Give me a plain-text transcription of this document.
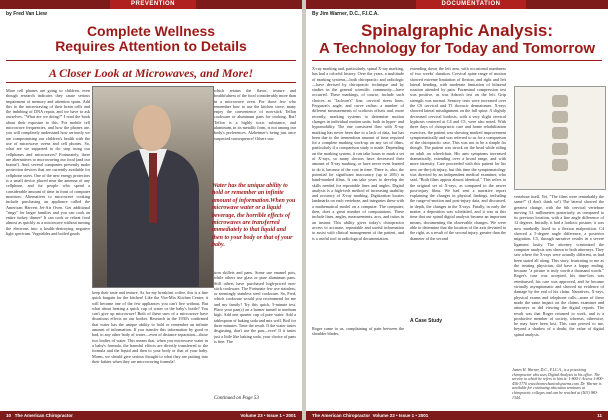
PREVENTION
by Fred Van Liew
Complete Wellness
Requires Attention to Details
A Closer Look at Microwaves, and More!
More cell phones are going to children, even though research indicates they cause serious impairment of memory and attention spans. Add this to the microwaving of their brain cells and the imbibing of DNA repair, and we have to ask ourselves, "What are we doing?" I read the book about their exposure to this. For mobile cell microwave frequencies, and how the phones are, you will completely understand how seriously we are compromising our children's health with the use of microwave ovens and cell phones. So, what are we supposed to do: stop using our cellphones and microwaves? Fortunately, there are alternatives to microwaving our food (and our brains!). And, several companies presently make protection devices that are currently available for cellphone users. One of the new energy protectors is a small device placed near the antenna of any cellphone, and for people who spend a considerable amount of time in front of computer monitors. Alternatives to microwave cooking include purchasing an appliance called the American Harvest Jet-Air Oven. Get additional "rings" for larger families and you can cook an entire turkey dinner! It can cook or reheat food almost as quickly as a microwave without turning the electrons into a health-destroying negative light spectrum. Vegetables and boiled goods
keep their taste and texture. As for my breakfast coffee, this is a fine quick bargain for the kitchen! Like the Vita-Mix Kitchen Center, it will become one of the few appliances you can't live without. But what about heating a quick cup of water or the baby's bottle? You can't give up microwave! Both of these uses of a microwave have disastrous effects on our bodies. Research in the 1930's confirmed that water has the unique ability to hold or remember an infinite amount of information. If you transfer this information by good or bad, to any other body of water—even of distance separation—those two bodies of water. This means that, when you microwave water in a baby's formula, the harmful effects are directly transferred to the formula and the liquid and then to your body or that of your baby. Moms, we should give serious thought to what they are putting into their babies when they are microwaving formula!
which retains the flavor, texture and healthfulness of the food considerably more than in a microwave oven. For those few who remember how to use the kitchen stove, many enjoy the convenience of non-stick Teflon cookware or aluminum pans for cooking. But! Teflon is a highly toxic substance, and aluminum, in its metallic form, is not among our body's preferences. Alzheimer's being just once suspected consequence! Others saw
Water has the unique ability to hold or remember an infinite amount of information.When you microwave water or a liquid beverage, the horrible effects of microwaves are transferred immediately to that liquid and then to your body or that of your baby.
iron skillets and pans. Some use enamel pots, while others use glass or pure aluminum pans. Still others have purchased high-priced non-stick cookware. The Fortunate few use stainless, or seemingly stainless steel cookware. So, Fred, which cookware would you recommend for me and my family? Try this quick, 5-minute test. Place your pan(s) on a burner turned to medium high. Add one quarter cup of pure water. Add a tablespoon of baking soda and mix well. Boil for three minutes. Taste the result. If the water tastes disgusting, don't use the pan—ever! If it tastes just a little like baking soda, your choice of pans is fine. The
Continued on Page 53
10 The American Chiropractor	Volume 23 • Issue 1 • 2001
DOCUMENTATION
By Jim Warner, D.C., F.I.C.A.
Spinalgraphic Analysis:
A Technology for Today and Tomorrow
X-ray marking and, particularly, spinal X-ray marking, has had a colorful history. Over the years, a multitude of marking systems—both chiropractic and radiologic—have devised by chiropractic technique and by studies in the general scientific community—have occurred. These markings, of course, include such choices as "Jackson's" line, cervical stress lines, Ferguson's angle, and curve radius: a number of different measurements of scoliosis offsets and, more recently, marking systems to determine motion changes in individual motion units, both in hyper- and hypomobility. The one consistent flaw with X-ray marking has never been due to a lack of data, but has been due to the tremendous amount of time required for a complete marking work-up on any set of films, particularly if a comparison study is made. Depending on the marking system, it can take hours to mark a set of X-rays, so many doctors have decreased their amount of X-ray marking, or have never even learned to do it, because of the cost in time. There is, also, the potential for significant inaccuracy (up to 26%) in hand-marked films. It can take years to develop the skills needed for repeatable lines and angles. Digital analysis is a high-tech method of increasing usability and accuracy of X-ray marking. Digitization locates landmarks on each vertebrae, and integrates these with a mathematical model on a computer. The computer, then, does a great number of computations. These include lines, angles, measurements, arcs, and ratios in an instant. This ability gives today's chiropractor access to accurate, repeatable and useful information to assist with clinical management of the patient, and is a useful tool in radiological documentation.
A Case Study
Roger came to us, complaining of pain between the shoulder blades,
extending down the left arm, with occasional numbness of two weeks' duration. Cervical spine range of motion showed extreme limitation of flexion, and right and left lateral bending, with moderate limitation of bilateral rotation attended by pain. Foraminal compression test was positive, as was Adson's test on the left. Grip strength was normal. Sensory tests were increased over the C6 cervical and T1 thoracic dermatomes. X-rays showed lateral misalignment on the full spine. A slightly decreased cervical lordosis, with a very slight cervical kyphosis centered at C4 and C5, were also noted. With three days of chiropractic care and home rehabilitation exercises, the patient was showing marked improvement symptomatically and was referred to us for a comparison of the chiropractic case. This was not to be a simple fix though. The patient was struck on the head while riding an adult on wheelchair. His arm symptoms increased dramatically, extending over a broad range, and with more intensity. Care proceeded with this patient for his new on-the-job injury, but this time the symptomatology was directed by an independent medical examiner, who said, "Both films appear almost identical." This refers to the original set of X-rays, as compared to the newer post-injury films. We had sent a narrative report explaining the changes in physical findings, including the range-of-motion and post-injury data, and discussed, in depth, the changes in the X-rays. Finally, in early the matter, a deposition was scheduled, and it was at this time that our spinal digital analysis became an important means, documenting the observable changes. We were able to determine that the location of the axis deviated to the right, as a result of the second injury, greater than the diameter of the second
vertebrae itself. Yet, "The films were remarkably the same?" (I don't think so!) The lateral showed the greatest change, with the 6th cervical vertebrae moving 3.1 millimeters posteriorly, as compared to its previous location, with a line angle difference of 12 degrees. Initially, it had a lordotic posture; it was now markedly fixed in a flexion malposition. C4 showed a 5-degree angle difference, a posterior migration. C5, through narrative results in a severe ligament laxity. The attorney scrutinized the computer analysis was shown to both attorneys. They saw where the X-rays were actually different, as had been stated all along. This story, frustrating to me as the treating physician, did have a happy ending, because "a picture is truly worth a thousand words." Roger's case was accepted, his time-loss was reimbursed, his care was approved, and he became virtually asymptomatic and showed no evidence of damage by the end of his claim. Narratives, X-rays, physical exams and telephone calls—none of these made the same impact on the claims examiner and attorneys as did viewing the digital reports. The result was that Roger returned to work, and is a productive member of society, whereas, otherwise, he may have been lost. This case proved to me, beyond a shadow of a doubt, the value of digital spinal analysis.
James H. Warner, D.C., F.I.C.A., is a practicing chiropractor who uses Digital Analysis in his office. The service in which he refers to him is: 1-800-1 Access 1-800-456-3776 www.biomechanicalsystems.com. Dr. Warner is available for continuing education seminars at chiropractic colleges and can be reached at (503) 980-1344.
The American Chiropractor Volume 23 • Issue 1 • 2001	11
